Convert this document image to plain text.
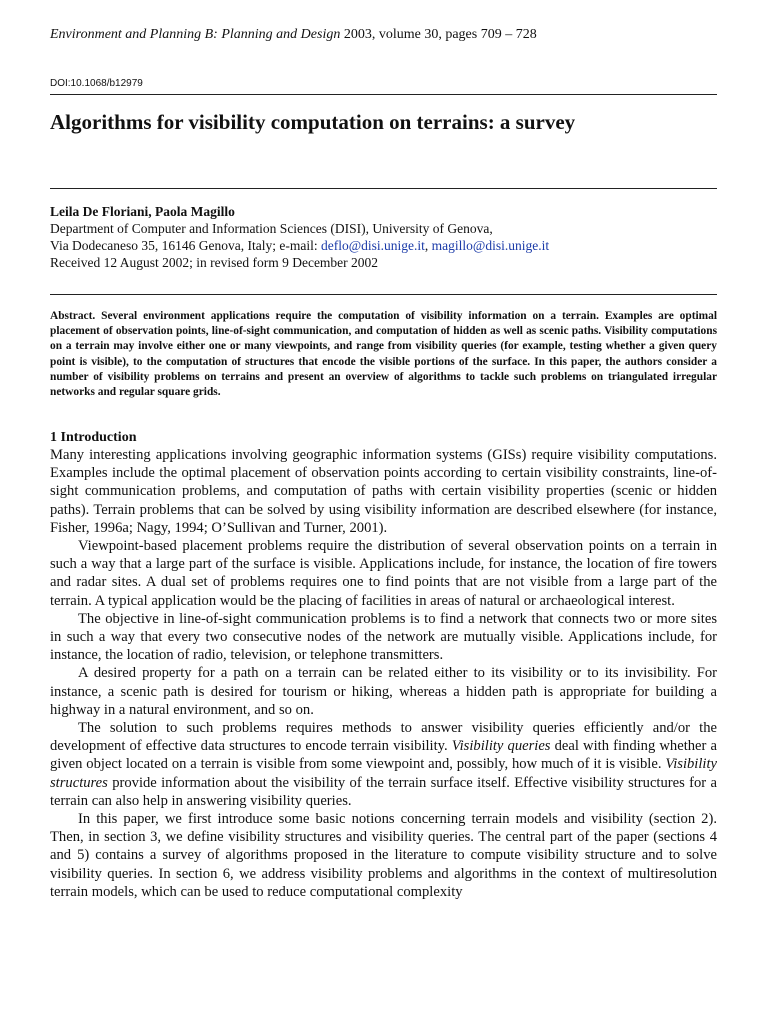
Environment and Planning B: Planning and Design 2003, volume 30, pages 709 – 728
DOI:10.1068/b12979
Algorithms for visibility computation on terrains: a survey
Leila De Floriani, Paola Magillo
Department of Computer and Information Sciences (DISI), University of Genova,
Via Dodecaneso 35, 16146 Genova, Italy; e-mail: deflo@disi.unige.it, magillo@disi.unige.it
Received 12 August 2002; in revised form 9 December 2002
Abstract. Several environment applications require the computation of visibility information on a terrain. Examples are optimal placement of observation points, line-of-sight communication, and computation of hidden as well as scenic paths. Visibility computations on a terrain may involve either one or many viewpoints, and range from visibility queries (for example, testing whether a given query point is visible), to the computation of structures that encode the visible portions of the surface. In this paper, the authors consider a number of visibility problems on terrains and present an overview of algorithms to tackle such problems on triangulated irregular networks and regular square grids.
1 Introduction

Many interesting applications involving geographic information systems (GISs) require visibility computations. Examples include the optimal placement of observation points according to certain visibility constraints, line-of-sight communication problems, and computation of paths with certain visibility properties (scenic or hidden paths). Terrain problems that can be solved by using visibility information are described elsewhere (for instance, Fisher, 1996a; Nagy, 1994; O’Sullivan and Turner, 2001).

Viewpoint-based placement problems require the distribution of several observation points on a terrain in such a way that a large part of the surface is visible. Applications include, for instance, the location of fire towers and radar sites. A dual set of problems requires one to find points that are not visible from a large part of the terrain. A typical application would be the placing of facilities in areas of natural or archaeological interest.

The objective in line-of-sight communication problems is to find a network that connects two or more sites in such a way that every two consecutive nodes of the network are mutually visible. Applications include, for instance, the location of radio, television, or telephone transmitters.

A desired property for a path on a terrain can be related either to its visibility or to its invisibility. For instance, a scenic path is desired for tourism or hiking, whereas a hidden path is appropriate for building a highway in a natural environment, and so on.

The solution to such problems requires methods to answer visibility queries efficiently and/or the development of effective data structures to encode terrain visibility. Visibility queries deal with finding whether a given object located on a terrain is visible from some viewpoint and, possibly, how much of it is visible. Visibility structures provide information about the visibility of the terrain surface itself. Effective visibility structures for a terrain can also help in answering visibility queries.

In this paper, we first introduce some basic notions concerning terrain models and visibility (section 2). Then, in section 3, we define visibility structures and visibility queries. The central part of the paper (sections 4 and 5) contains a survey of algorithms proposed in the literature to compute visibility structure and to solve visibility queries. In section 6, we address visibility problems and algorithms in the context of multiresolution terrain models, which can be used to reduce computational complexity
